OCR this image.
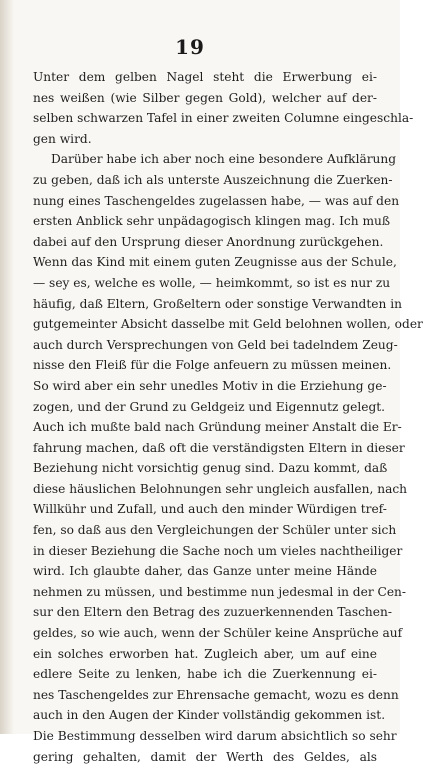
19
Unter dem gelben Nagel steht die Erwerbung ei-
nes weißen (wie Silber gegen Gold), welcher auf der-
selben schwarzen Tafel in einer zweiten Columne eingeschla-
gen wird.
Darüber habe ich aber noch eine besondere Aufklärung
zu geben, daß ich als unterste Auszeichnung die Zuerken-
nung eines Taschengeldes zugelassen habe, — was auf den
ersten Anblick sehr unpädagogisch klingen mag. Ich muß
dabei auf den Ursprung dieser Anordnung zurückgehen.
Wenn das Kind mit einem guten Zeugnisse aus der Schule,
— sey es, welche es wolle, — heimkommt, so ist es nur zu
häufig, daß Eltern, Großeltern oder sonstige Verwandten in
gutgemeinter Absicht dasselbe mit Geld belohnen wollen, oder
auch durch Versprechungen von Geld bei tadelndem Zeug-
nisse den Fleiß für die Folge anfeuern zu müssen meinen.
So wird aber ein sehr unedles Motiv in die Erziehung ge-
zogen, und der Grund zu Geldgeiz und Eigennutz gelegt.
Auch ich mußte bald nach Gründung meiner Anstalt die Er-
fahrung machen, daß oft die verständigsten Eltern in dieser
Beziehung nicht vorsichtig genug sind. Dazu kommt, daß
diese häuslichen Belohnungen sehr ungleich ausfallen, nach
Willkühr und Zufall, und auch den minder Würdigen tref-
fen, so daß aus den Vergleichungen der Schüler unter sich
in dieser Beziehung die Sache noch um vieles nachtheiliger
wird. Ich glaubte daher, das Ganze unter meine Hände
nehmen zu müssen, und bestimme nun jedesmal in der Cen-
sur den Eltern den Betrag des zuzuerkennenden Taschen-
geldes, so wie auch, wenn der Schüler keine Ansprüche auf
ein solches erworben hat. Zugleich aber, um auf eine
edlere Seite zu lenken, habe ich die Zuerkennung ei-
nes Taschengeldes zur Ehrensache gemacht, wozu es denn
auch in den Augen der Kinder vollständig gekommen ist.
Die Bestimmung desselben wird darum absichtlich so sehr
gering gehalten, damit der Werth des Geldes, als
